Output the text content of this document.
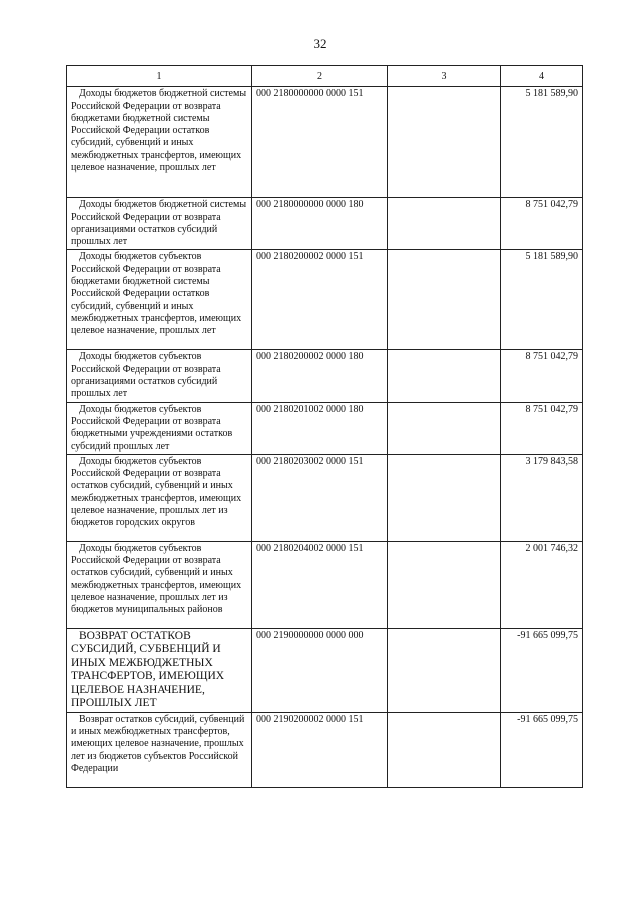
32
1	2	3	4
Доходы бюджетов бюджетной системы Российской Федерации от возврата бюджетами бюджетной системы Российской Федерации остатков субсидий, субвенций и иных межбюджетных трансфертов, имеющих целевое назначение, прошлых лет	000 2180000000 0000 151		5 181 589,90
Доходы бюджетов бюджетной системы Российской Федерации от возврата организациями остатков субсидий прошлых лет	000 2180000000 0000 180		8 751 042,79
Доходы бюджетов субъектов Российской Федерации от возврата бюджетами бюджетной системы Российской Федерации остатков субсидий, субвенций и иных межбюджетных трансфертов, имеющих целевое назначение, прошлых лет	000 2180200002 0000 151		5 181 589,90
Доходы бюджетов субъектов Российской Федерации от возврата организациями остатков субсидий прошлых лет	000 2180200002 0000 180		8 751 042,79
Доходы бюджетов субъектов Российской Федерации от возврата бюджетными учреждениями остатков субсидий прошлых лет	000 2180201002 0000 180		8 751 042,79
Доходы бюджетов субъектов Российской Федерации от возврата остатков субсидий, субвенций и иных межбюджетных трансфертов, имеющих целевое назначение, прошлых лет из бюджетов городских округов	000 2180203002 0000 151		3 179 843,58
Доходы бюджетов субъектов Российской Федерации от возврата остатков субсидий, субвенций и иных межбюджетных трансфертов, имеющих целевое назначение, прошлых лет из бюджетов муниципальных районов	000 2180204002 0000 151		2 001 746,32
ВОЗВРАТ ОСТАТКОВ СУБСИДИЙ, СУБВЕНЦИЙ И ИНЫХ МЕЖБЮДЖЕТНЫХ ТРАНСФЕРТОВ, ИМЕЮЩИХ ЦЕЛЕВОЕ НАЗНАЧЕНИЕ, ПРОШЛЫХ ЛЕТ	000 2190000000 0000 000		-91 665 099,75
Возврат остатков субсидий, субвенций и иных межбюджетных трансфертов, имеющих целевое назначение, прошлых лет из бюджетов субъектов Российской Федерации	000 2190200002 0000 151		-91 665 099,75
